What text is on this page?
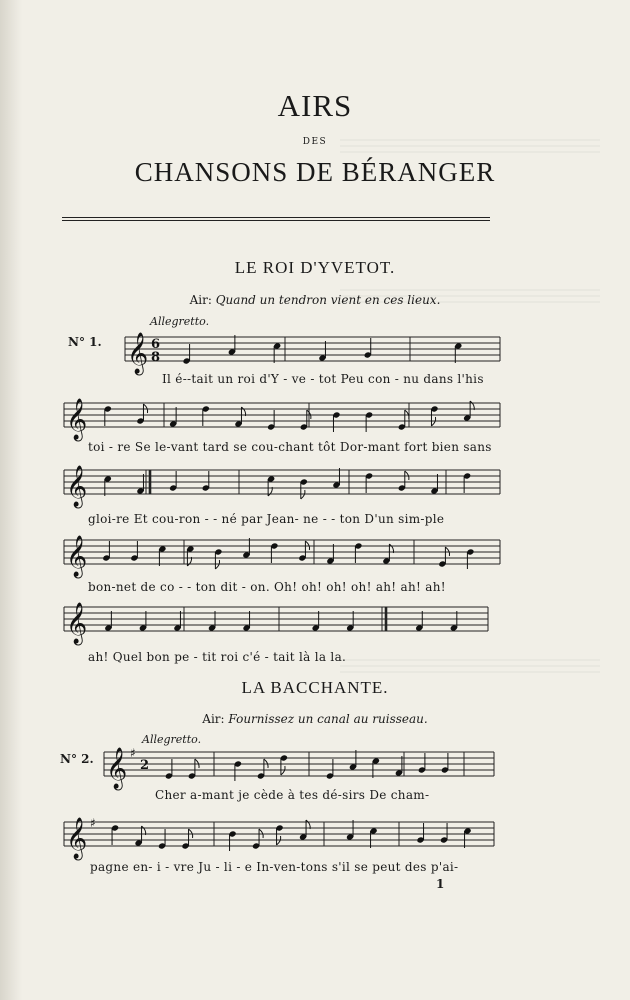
AIRS
DES
CHANSONS DE BÉRANGER
LE ROI D'YVETOT.
Air: Quand un tendron vient en ces lieux.
Allegretto.
N° 1. 𝄞 6
8
Il é--tait un roi d'Y - ve - tot Peu con - nu dans l'his
𝄞
toi - re Se le-vant tard se cou-chant tôt Dor-mant fort bien sans
𝄞
gloi-re Et cou-ron - - né par Jean- ne - - ton D'un sim-ple
𝄞
bon-net de co - - ton dit - on. Oh! oh! oh! oh! ah! ah! ah!
𝄞
ah! Quel bon pe - tit roi c'é - tait là la la.
LA BACCHANTE.
Air: Fournissez un canal au ruisseau.
Allegretto.
N° 2. 𝄞 ♯
2
Cher a-mant je cède à tes dé-sirs De cham-
𝄞 ♯
pagne en- i - vre Ju - li - e In-ven-tons s'il se peut des p'ai-
1
